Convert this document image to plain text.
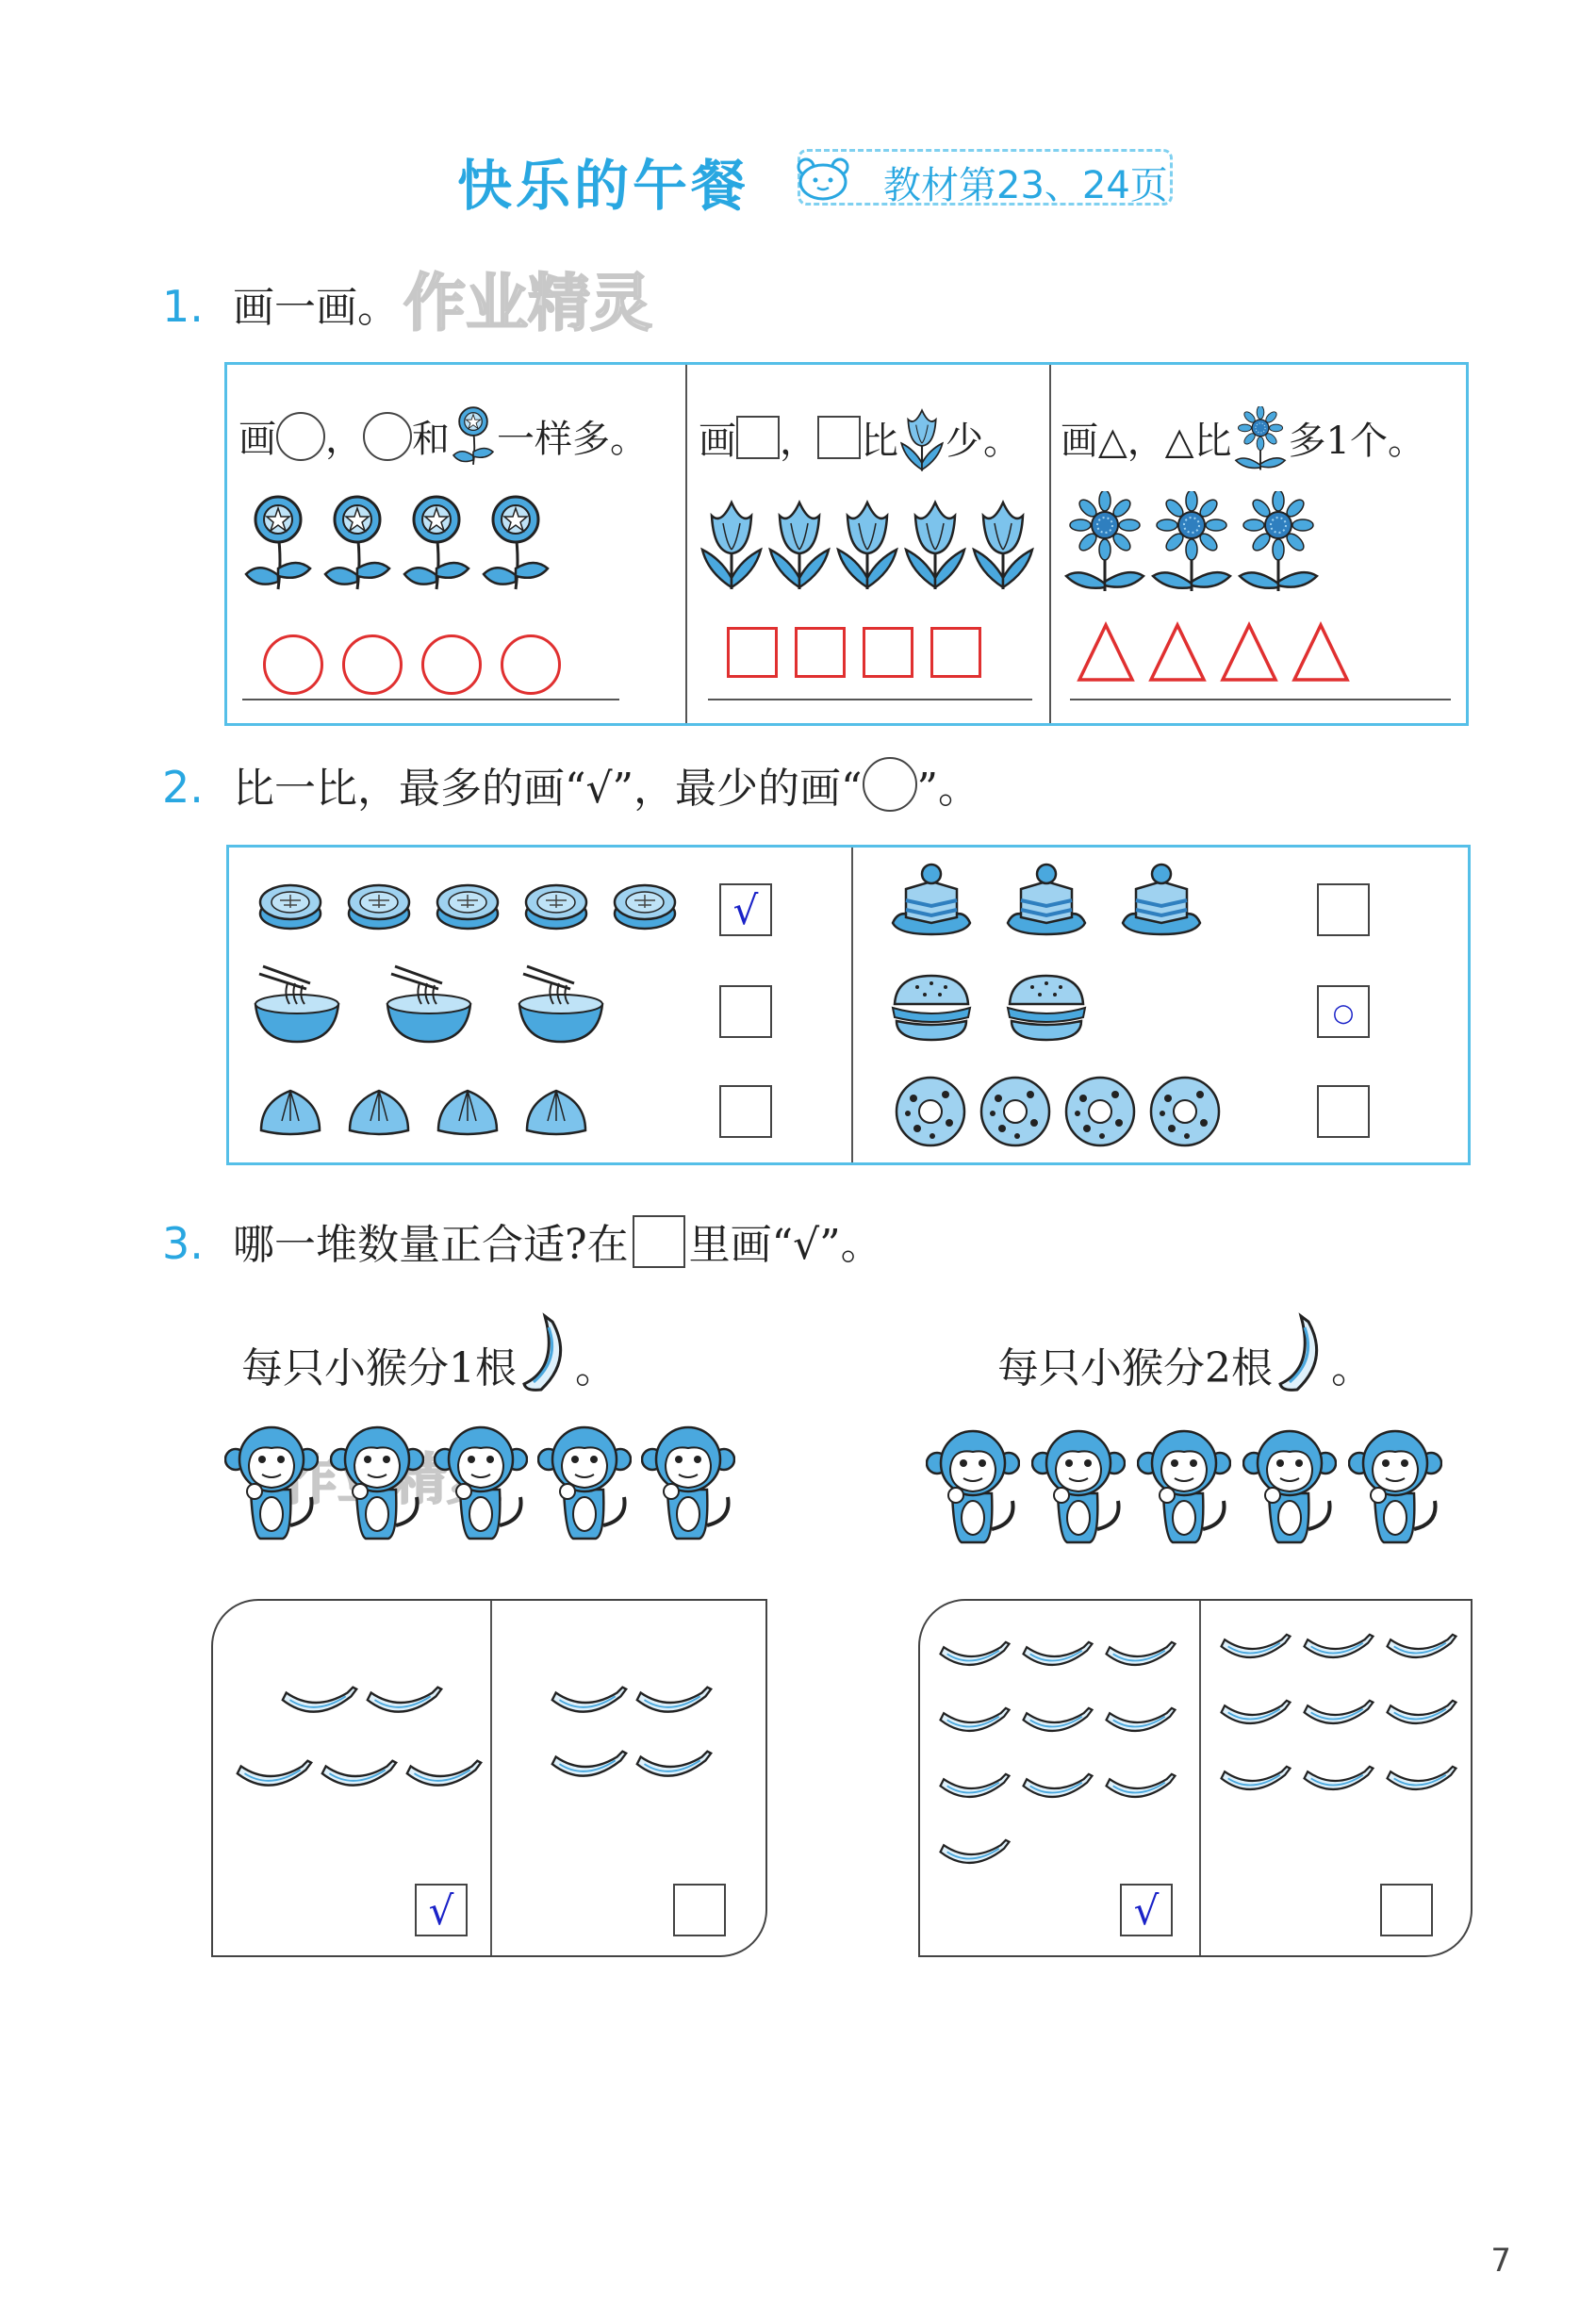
快乐的午餐	教材第23、24页
1. 画一画。 作业精灵
画 ， 和 一样多。 画 ， 比 少。 画△，△比 多1个。
2. 比一比，最多的画“√”，最少的画“ ”。
√
○
3. 哪一堆数量正合适?在 里画“√”。
每只小猴分1根 。
√
每只小猴分2根 。
√
7
